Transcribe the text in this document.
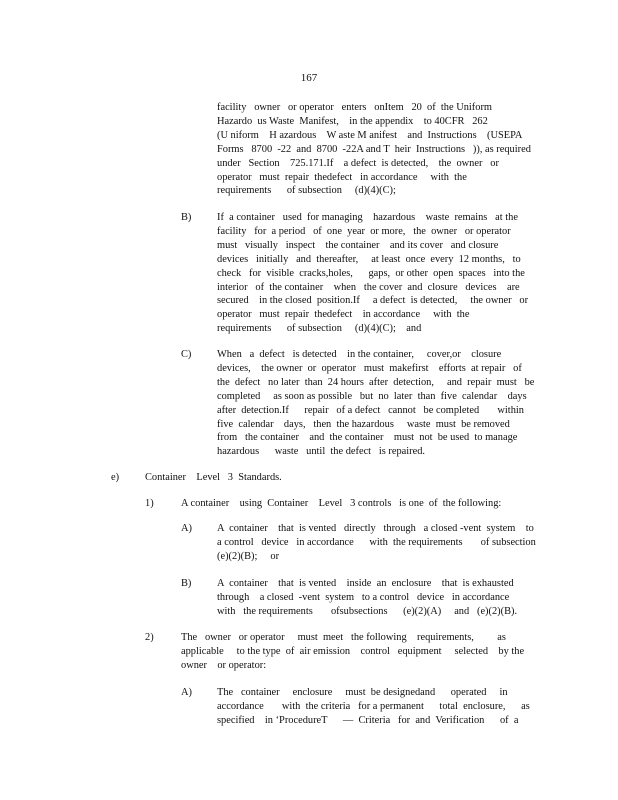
167
facility   owner   or operator   enters   onItem   20  of  the Uniform
Hazardo  us Waste  Manifest,    in the appendix    to 40CFR   262
(U niform    H azardous    W aste M anifest    and  Instructions    (USEPA
Forms   8700  -22  and  8700  -22A and T  heir  Instructions   )), as required
under   Section    725.171.If    a defect  is detected,    the  owner   or
operator   must  repair  thedefect   in accordance     with  the
requirements      of subsection     (d)(4)(C);
B) If  a container   used  for managing    hazardous    waste  remains   at the
facility   for  a period   of  one  year  or more,   the  owner   or operator
must   visually   inspect    the container    and its cover   and closure
devices   initially   and  thereafter,     at least  once  every  12 months,   to
check   for  visible  cracks,holes,      gaps,  or other  open  spaces   into the
interior   of  the container    when   the cover  and  closure   devices    are
secured    in the closed  position.If     a defect  is detected,     the owner   or
operator   must  repair  thedefect    in accordance     with  the
requirements      of subsection     (d)(4)(C);    and
C) When   a  defect   is detected    in the container,     cover,or    closure
devices,    the owner  or  operator   must  makefirst    efforts  at repair   of
the  defect   no later  than  24 hours  after  detection,     and  repair  must   be
completed     as soon as possible   but  no  later  than  five  calendar    days
after  detection.If      repair   of a defect   cannot   be completed       within
five  calendar    days,   then  the hazardous     waste  must  be removed
from   the container    and  the container    must  not  be used  to manage
hazardous      waste   until  the defect   is repaired.
e) Container    Level   3  Standards.
1)	A container    using  Container    Level   3 controls   is one  of  the following:
A) A  container    that  is vented   directly   through   a closed -vent  system    to
a control   device   in accordance      with  the requirements       of subsection
(e)(2)(B);     or
B) A  container    that  is vented    inside  an  enclosure    that  is exhausted
through    a closed  -vent  system   to a control   device   in accordance
with   the requirements       ofsubsections      (e)(2)(A)     and   (e)(2)(B).
2)	The   owner   or operator     must  meet   the following    requirements,         as
applicable     to the type  of  air emission    control   equipment     selected    by the
owner    or operator:
A) The   container     enclosure     must  be designedand      operated     in
accordance       with  the criteria   for a permanent      total  enclosure,      as
specified    in ‘ProcedureT      —  Criteria   for  and  Verification      of  a
